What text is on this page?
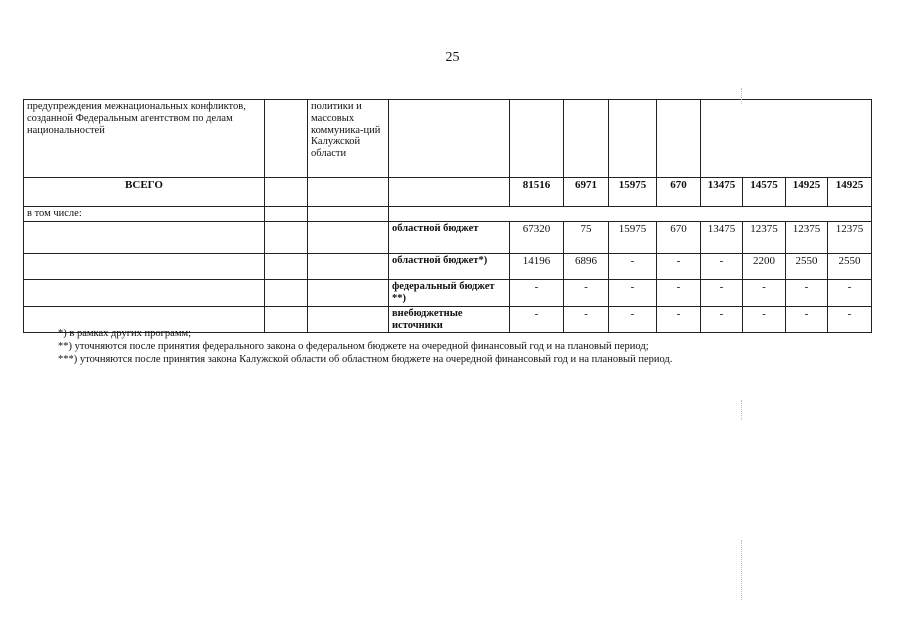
25
предупреждения межнациональных конфликтов, созданной Федеральным агентством по делам национальностей		политики и массовых коммуника-ций Калужской области									
ВСЕГО				81516	6971	15975	670	13475	14575	14925	14925
в том числе:											
			областной бюджет	67320	75	15975	670	13475	12375	12375	12375
			областной бюджет*)	14196	6896	-	-	-	2200	2550	2550
			федеральный бюджет **)	-	-	-	-	-	-	-	-
			внебюджетные источники	-	-	-	-	-	-	-	-
*) в рамках других программ;
**) уточняются после принятия федерального закона о федеральном бюджете на очередной финансовый год и на плановый период;
***) уточняются после принятия закона Калужской области об областном бюджете на очередной финансовый год и на плановый период.
